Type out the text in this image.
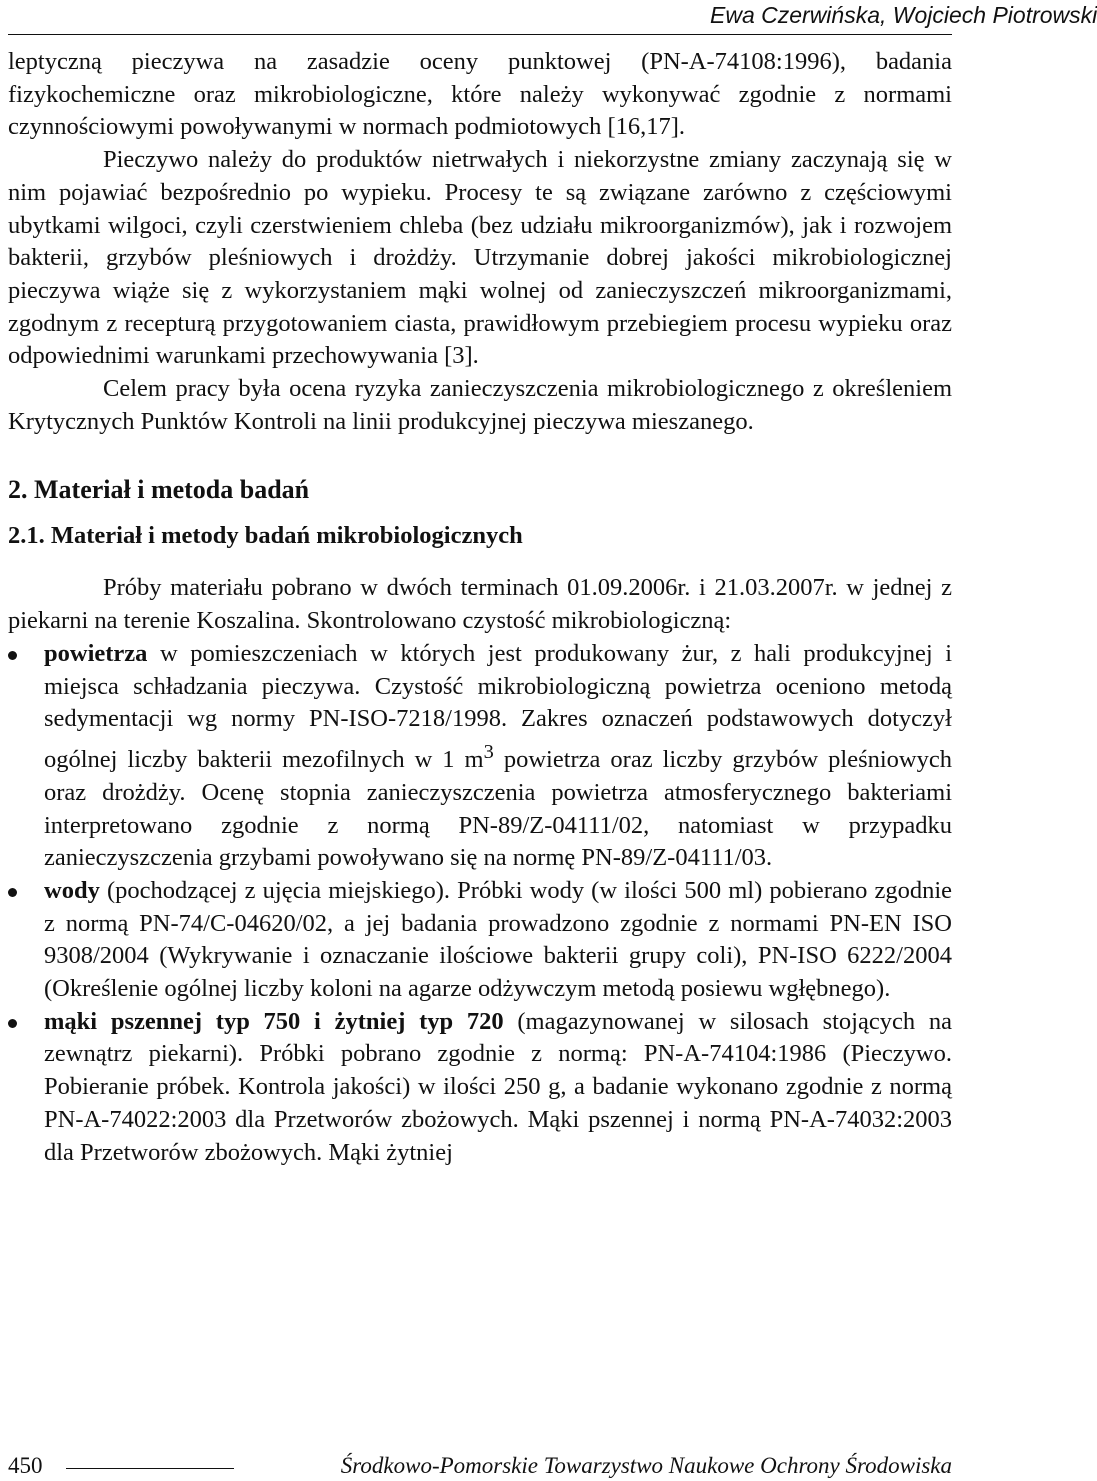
Ewa Czerwińska, Wojciech Piotrowski

leptyczną pieczywa na zasadzie oceny punktowej (PN-A-74108:1996), badania fizykochemiczne oraz mikrobiologiczne, które należy wykonywać zgodnie z normami czynnościowymi powoływanymi w normach podmiotowych [16,17].

Pieczywo należy do produktów nietrwałych i niekorzystne zmiany zaczynają się w nim pojawiać bezpośrednio po wypieku. Procesy te są związane zarówno z częściowymi ubytkami wilgoci, czyli czerstwieniem chleba (bez udziału mikroorganizmów), jak i rozwojem bakterii, grzybów pleśniowych i drożdży. Utrzymanie dobrej jakości mikrobiologicznej pieczywa wiąże się z wykorzystaniem mąki wolnej od zanieczyszczeń mikroorganizmami, zgodnym z recepturą przygotowaniem ciasta, prawidłowym przebiegiem procesu wypieku oraz odpowiednimi warunkami przechowywania [3].

Celem pracy była ocena ryzyka zanieczyszczenia mikrobiologicznego z określeniem Krytycznych Punktów Kontroli na linii produkcyjnej pieczywa mieszanego.

2. Materiał i metoda badań
2.1. Materiał i metody badań mikrobiologicznych

Próby materiału pobrano w dwóch terminach 01.09.2006r. i 21.03.2007r. w jednej z piekarni na terenie Koszalina. Skontrolowano czystość mikrobiologiczną:

powietrza w pomieszczeniach w których jest produkowany żur, z hali produkcyjnej i miejsca schładzania pieczywa. Czystość mikrobiologiczną powietrza oceniono metodą sedymentacji wg normy PN-ISO-7218/1998. Zakres oznaczeń podstawowych dotyczył ogólnej liczby bakterii mezofilnych w 1 $m^3$ powietrza oraz liczby grzybów pleśniowych oraz drożdży. Ocenę stopnia zanieczyszczenia powietrza atmosferycznego bakteriami interpretowano zgodnie z normą PN-89/Z-04111/02, natomiast w przypadku zanieczyszczenia grzybami powoływano się na normę PN-89/Z-04111/03.
wody (pochodzącej z ujęcia miejskiego). Próbki wody (w ilości 500 ml) pobierano zgodnie z normą PN-74/C-04620/02, a jej badania prowadzono zgodnie z normami PN-EN ISO 9308/2004 (Wykrywanie i oznaczanie ilościowe bakterii grupy coli), PN-ISO 6222/2004 (Określenie ogólnej liczby koloni na agarze odżywczym metodą posiewu wgłębnego).
mąki pszennej typ 750 i żytniej typ 720 (magazynowanej w silosach stojących na zewnątrz piekarni). Próbki pobrano zgodnie z normą: PN-A-74104:1986 (Pieczywo. Pobieranie próbek. Kontrola jakości) w ilości 250 g, a badanie wykonano zgodnie z normą PN-A-74022:2003 dla Przetworów zbożowych. Mąki pszennej i normą PN-A-74032:2003 dla Przetworów zbożowych. Mąki żytniej
450	Środkowo-Pomorskie Towarzystwo Naukowe Ochrony Środowiska
